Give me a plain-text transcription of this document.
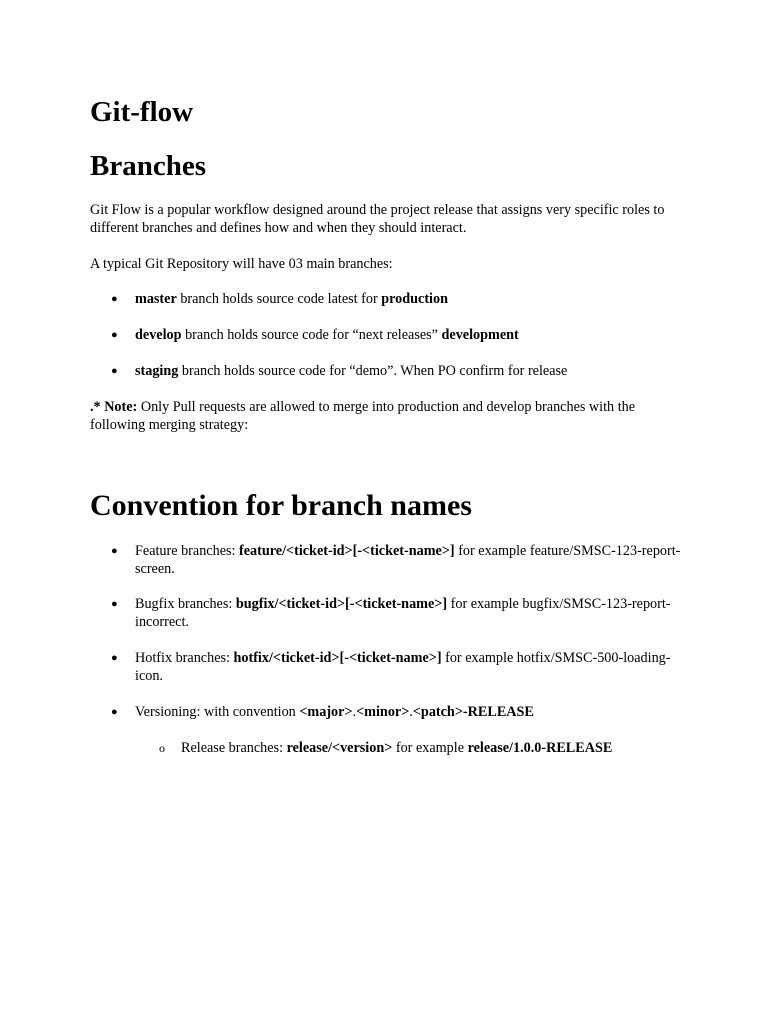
Git-flow
Branches

Git Flow is a popular workflow designed around the project release that assigns very specific roles to different branches and defines how and when they should interact.

A typical Git Repository will have 03 main branches:

● master branch holds source code latest for production
● develop branch holds source code for “next releases” development
● staging branch holds source code for “demo”. When PO confirm for release

.* Note: Only Pull requests are allowed to merge into production and develop branches with the following merging strategy:

Convention for branch names
● Feature branches: feature/<ticket-id>[-<ticket-name>] for example feature/SMSC-123-report-screen.
● Bugfix branches: bugfix/<ticket-id>[-<ticket-name>] for example bugfix/SMSC-123-report-incorrect.
● Hotfix branches: hotfix/<ticket-id>[-<ticket-name>] for example hotfix/SMSC-500-loading-icon.
● Versioning: with convention <major>.<minor>.<patch>-RELEASE
o Release branches: release/<version> for example release/1.0.0-RELEASE
